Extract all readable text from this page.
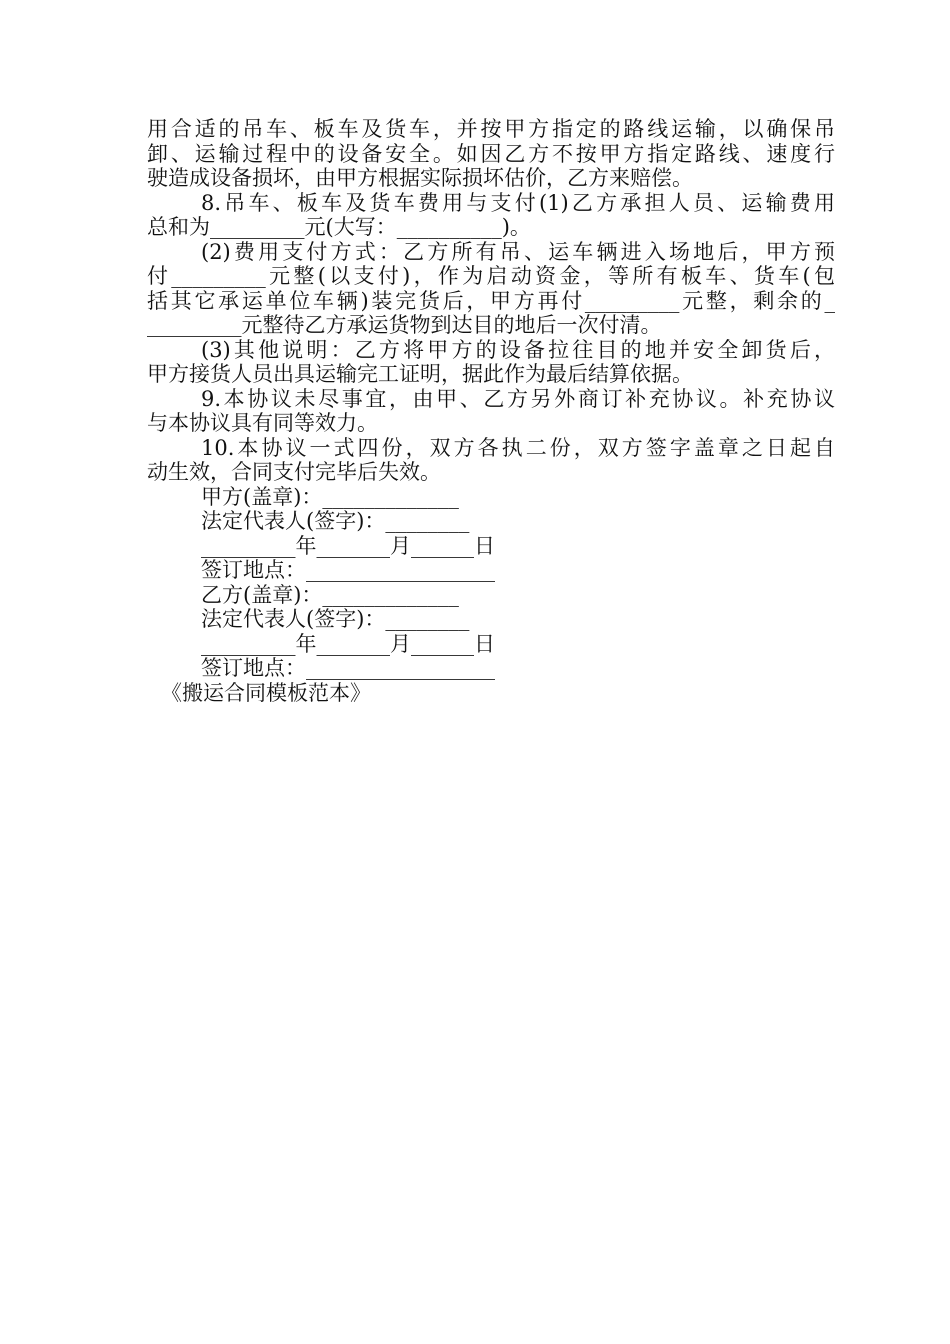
用合适的吊车、板车及货车，并按甲方指定的路线运输，以确保吊
卸、运输过程中的设备安全。如因乙方不按甲方指定路线、速度行
驶造成设备损坏，由甲方根据实际损坏估价，乙方来赔偿。
8.吊车、板车及货车费用与支付(1)乙方承担人员、运输费用
总和为_________元(大写：__________)。
(2)费用支付方式：乙方所有吊、运车辆进入场地后，甲方预
付_________元整(以支付)，作为启动资金，等所有板车、货车(包
括其它承运单位车辆)装完货后，甲方再付_________元整，剩余的_
_________元整待乙方承运货物到达目的地后一次付清。
(3)其他说明：乙方将甲方的设备拉往目的地并安全卸货后，
甲方接货人员出具运输完工证明，据此作为最后结算依据。
9.本协议未尽事宜，由甲、乙方另外商订补充协议。补充协议
与本协议具有同等效力。
10.本协议一式四份，双方各执二份，双方签字盖章之日起自
动生效，合同支付完毕后失效。
甲方(盖章)：_____________
法定代表人(签字)：________
_________年_______月______日
签订地点：__________________
乙方(盖章)：_____________
法定代表人(签字)：________
_________年_______月______日
签订地点：__________________
《搬运合同模板范本》
